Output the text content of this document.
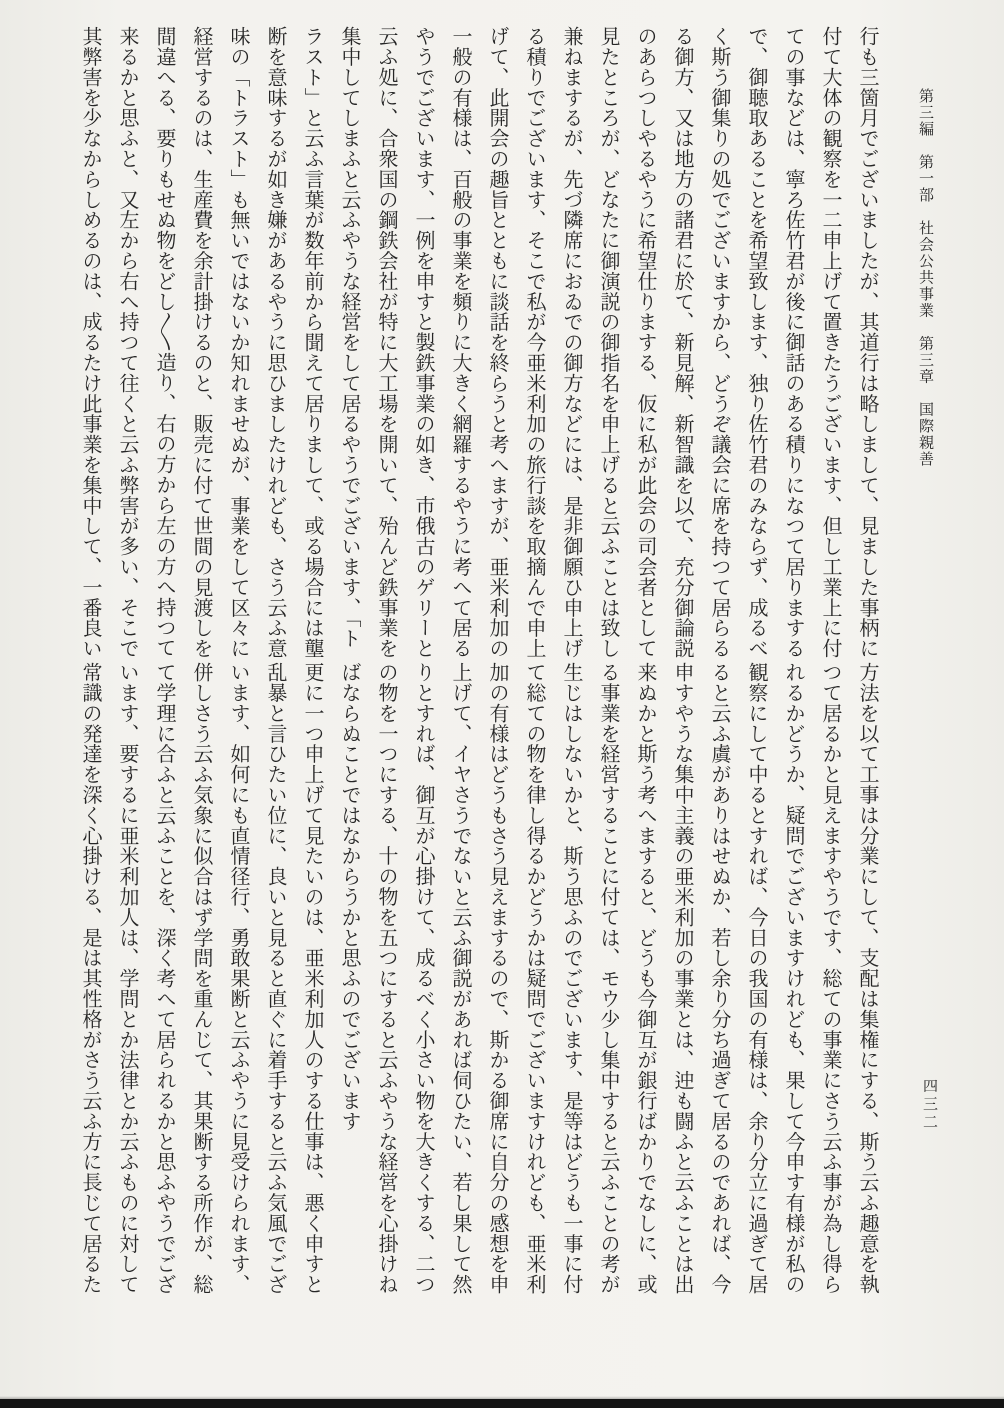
第三編　第一部　社会公共事業　第三章　国際親善
行も三箇月でございましたが、其道行は略しまして、見ました事柄に
付て大体の観察を一二申上げて置きたうございます、但し工業上に付
ての事などは、寧ろ佐竹君が後に御話のある積りになつて居りまする
で、御聴取あることを希望致します、独り佐竹君のみならず、成るべ
く斯う御集りの処でございますから、どうぞ議会に席を持つて居らる
る御方、又は地方の諸君に於て、新見解、新智識を以て、充分御論説
のあらつしやるやうに希望仕りまする、仮に私が此会の司会者として
見たところが、どなたに御演説の御指名を申上げると云ふことは致し
兼ねまするが、先づ隣席におゐでの御方などには、是非御願ひ申上げ
る積りでございます、そこで私が今亜米利加の旅行談を取摘んで申上
げて、此開会の趣旨とともに談話を終らうと考へますが、亜米利加の
一般の有様は、百般の事業を頻りに大きく網羅するやうに考へて居る
やうでございます、一例を申すと製鉄事業の如き、市俄古のゲリーと
云ふ処に、合衆国の鋼鉄会社が特に大工場を開いて、殆んど鉄事業を
集中してしまふと云ふやうな経営をして居るやうでございます、「ト
ラスト」と云ふ言葉が数年前から聞えて居りまして、或る場合には壟
断を意味するが如き嫌があるやうに思ひましたけれども、さう云ふ意
味の「トラスト」も無いではないか知れませぬが、事業をして区々に
経営するのは、生産費を余計掛けるのと、販売に付て世間の見渡しを
間違へる、要りもせぬ物をどし〱造り、右の方から左の方へ持つて
来るかと思ふと、又左から右へ持つて往くと云ふ弊害が多い、そこで
其弊害を少なからしめるのは、成るたけ此事業を集中して、一番良い
方法を以て工事は分業にして、支配は集権にする、斯う云ふ趣意を執
つて居るかと見えますやうです、総ての事業にさう云ふ事が為し得ら
れるかどうか、疑問でございますけれども、果して今申す有様が私の
観察にして中るとすれば、今日の我国の有様は、余り分立に過ぎて居
ると云ふ虞がありはせぬか、若し余り分ち過ぎて居るのであれば、今
申すやうな集中主義の亜米利加の事業とは、迚も闘ふと云ふことは出
来ぬかと斯う考へますると、どうも今御互が銀行ばかりでなしに、或
る事業を経営することに付ては、モウ少し集中すると云ふことの考が
生じはしないかと、斯う思ふのでございます、是等はどうも一事に付
て総ての物を律し得るかどうかは疑問でございますけれども、亜米利
加の有様はどうもさう見えまするので、斯かる御席に自分の感想を申
上げて、イヤさうでないと云ふ御説があれば伺ひたい、若し果して然
りとすれば、御互が心掛けて、成るべく小さい物を大きくする、二つ
の物を一つにする、十の物を五つにすると云ふやうな経営を心掛けね
ばならぬことではなからうかと思ふのでございます
更に一つ申上げて見たいのは、亜米利加人のする仕事は、悪く申すと
乱暴と言ひたい位に、良いと見ると直ぐに着手すると云ふ気風でござ
います、如何にも直情径行、勇敢果断と云ふやうに見受けられます、
併しさう云ふ気象に似合はず学問を重んじて、其果断する所作が、総
て学理に合ふと云ふことを、深く考へて居られるかと思ふやうでござ
います、要するに亜米利加人は、学問とか法律とか云ふものに対して
常識の発達を深く心掛ける、是は其性格がさう云ふ方に長じて居るた	四三二
